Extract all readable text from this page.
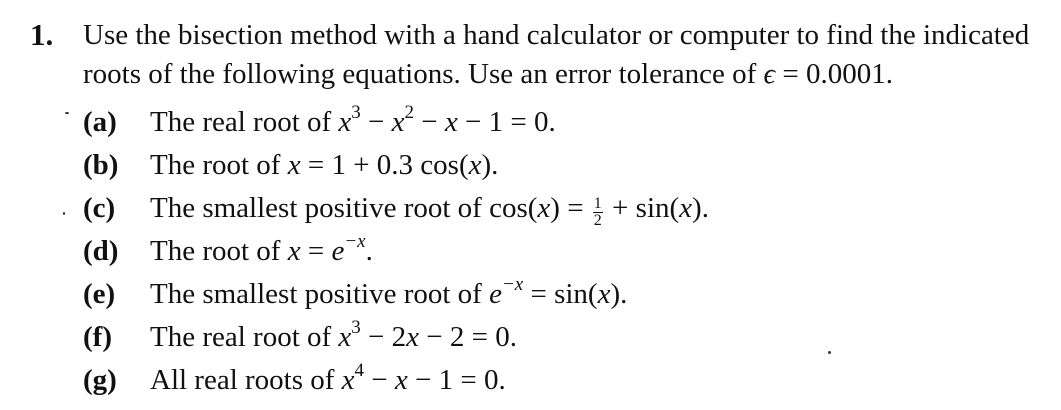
1. Use the bisection method with a hand calculator or computer to find the indicated
roots of the following equations. Use an error tolerance of ϵ = 0.0001.
(a) The real root of $x^3 - x^2 - x - 1 = 0$.
(b) The root of x = 1 + 0.3 cos(x).
(c) The smallest positive root of $\cos(x) = \frac{1}{2} + \sin(x)$.
(d) The root of $x = e^{-x}$.
(e) The smallest positive root of $e^{-x} = \sin(x)$.
(f) The real root of $x^3 - 2x - 2 = 0$.
(g) All real roots of $x^4 - x - 1 = 0$.
